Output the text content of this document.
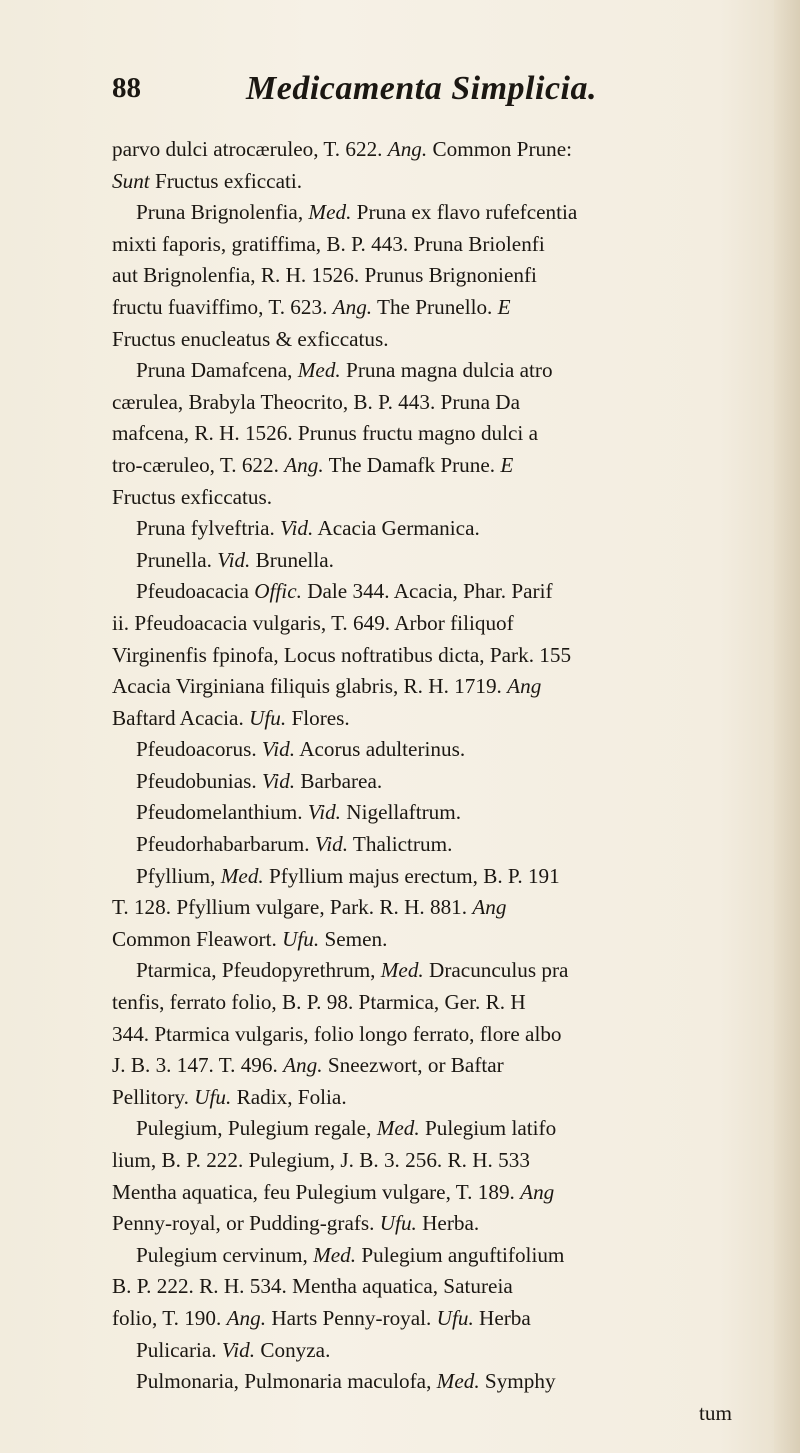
88	Medicamenta Simplicia.
parvo dulci atrocæruleo, T. 622. Ang. Common Prune:
Sunt Fructus exficcati.
Pruna Brignolenfia, Med. Pruna ex flavo rufefcentia
mixti faporis, gratiffima, B. P. 443. Pruna Briolenfi
aut Brignolenfia, R. H. 1526. Prunus Brignonienfi
fructu fuaviffimo, T. 623. Ang. The Prunello. E
Fructus enucleatus & exficcatus.
Pruna Damafcena, Med. Pruna magna dulcia atro
cærulea, Brabyla Theocrito, B. P. 443. Pruna Da
mafcena, R. H. 1526. Prunus fructu magno dulci a
tro-cæruleo, T. 622. Ang. The Damafk Prune. E
Fructus exficcatus.
Pruna fylveftria. Vid. Acacia Germanica.
Prunella. Vid. Brunella.
Pfeudoacacia Offic. Dale 344. Acacia, Phar. Parif
ii. Pfeudoacacia vulgaris, T. 649. Arbor filiquof
Virginenfis fpinofa, Locus noftratibus dicta, Park. 155
Acacia Virginiana filiquis glabris, R. H. 1719. Ang
Baftard Acacia. Ufu. Flores.
Pfeudoacorus. Vid. Acorus adulterinus.
Pfeudobunias. Vid. Barbarea.
Pfeudomelanthium. Vid. Nigellaftrum.
Pfeudorhabarbarum. Vid. Thalictrum.
Pfyllium, Med. Pfyllium majus erectum, B. P. 191
T. 128. Pfyllium vulgare, Park. R. H. 881. Ang
Common Fleawort. Ufu. Semen.
Ptarmica, Pfeudopyrethrum, Med. Dracunculus pra
tenfis, ferrato folio, B. P. 98. Ptarmica, Ger. R. H
344. Ptarmica vulgaris, folio longo ferrato, flore albo
J. B. 3. 147. T. 496. Ang. Sneezwort, or Baftar
Pellitory. Ufu. Radix, Folia.
Pulegium, Pulegium regale, Med. Pulegium latifo
lium, B. P. 222. Pulegium, J. B. 3. 256. R. H. 533
Mentha aquatica, feu Pulegium vulgare, T. 189. Ang
Penny-royal, or Pudding-grafs. Ufu. Herba.
Pulegium cervinum, Med. Pulegium anguftifolium
B. P. 222. R. H. 534. Mentha aquatica, Satureia
folio, T. 190. Ang. Harts Penny-royal. Ufu. Herba
Pulicaria. Vid. Conyza.
Pulmonaria, Pulmonaria maculofa, Med. Symphy
tum
